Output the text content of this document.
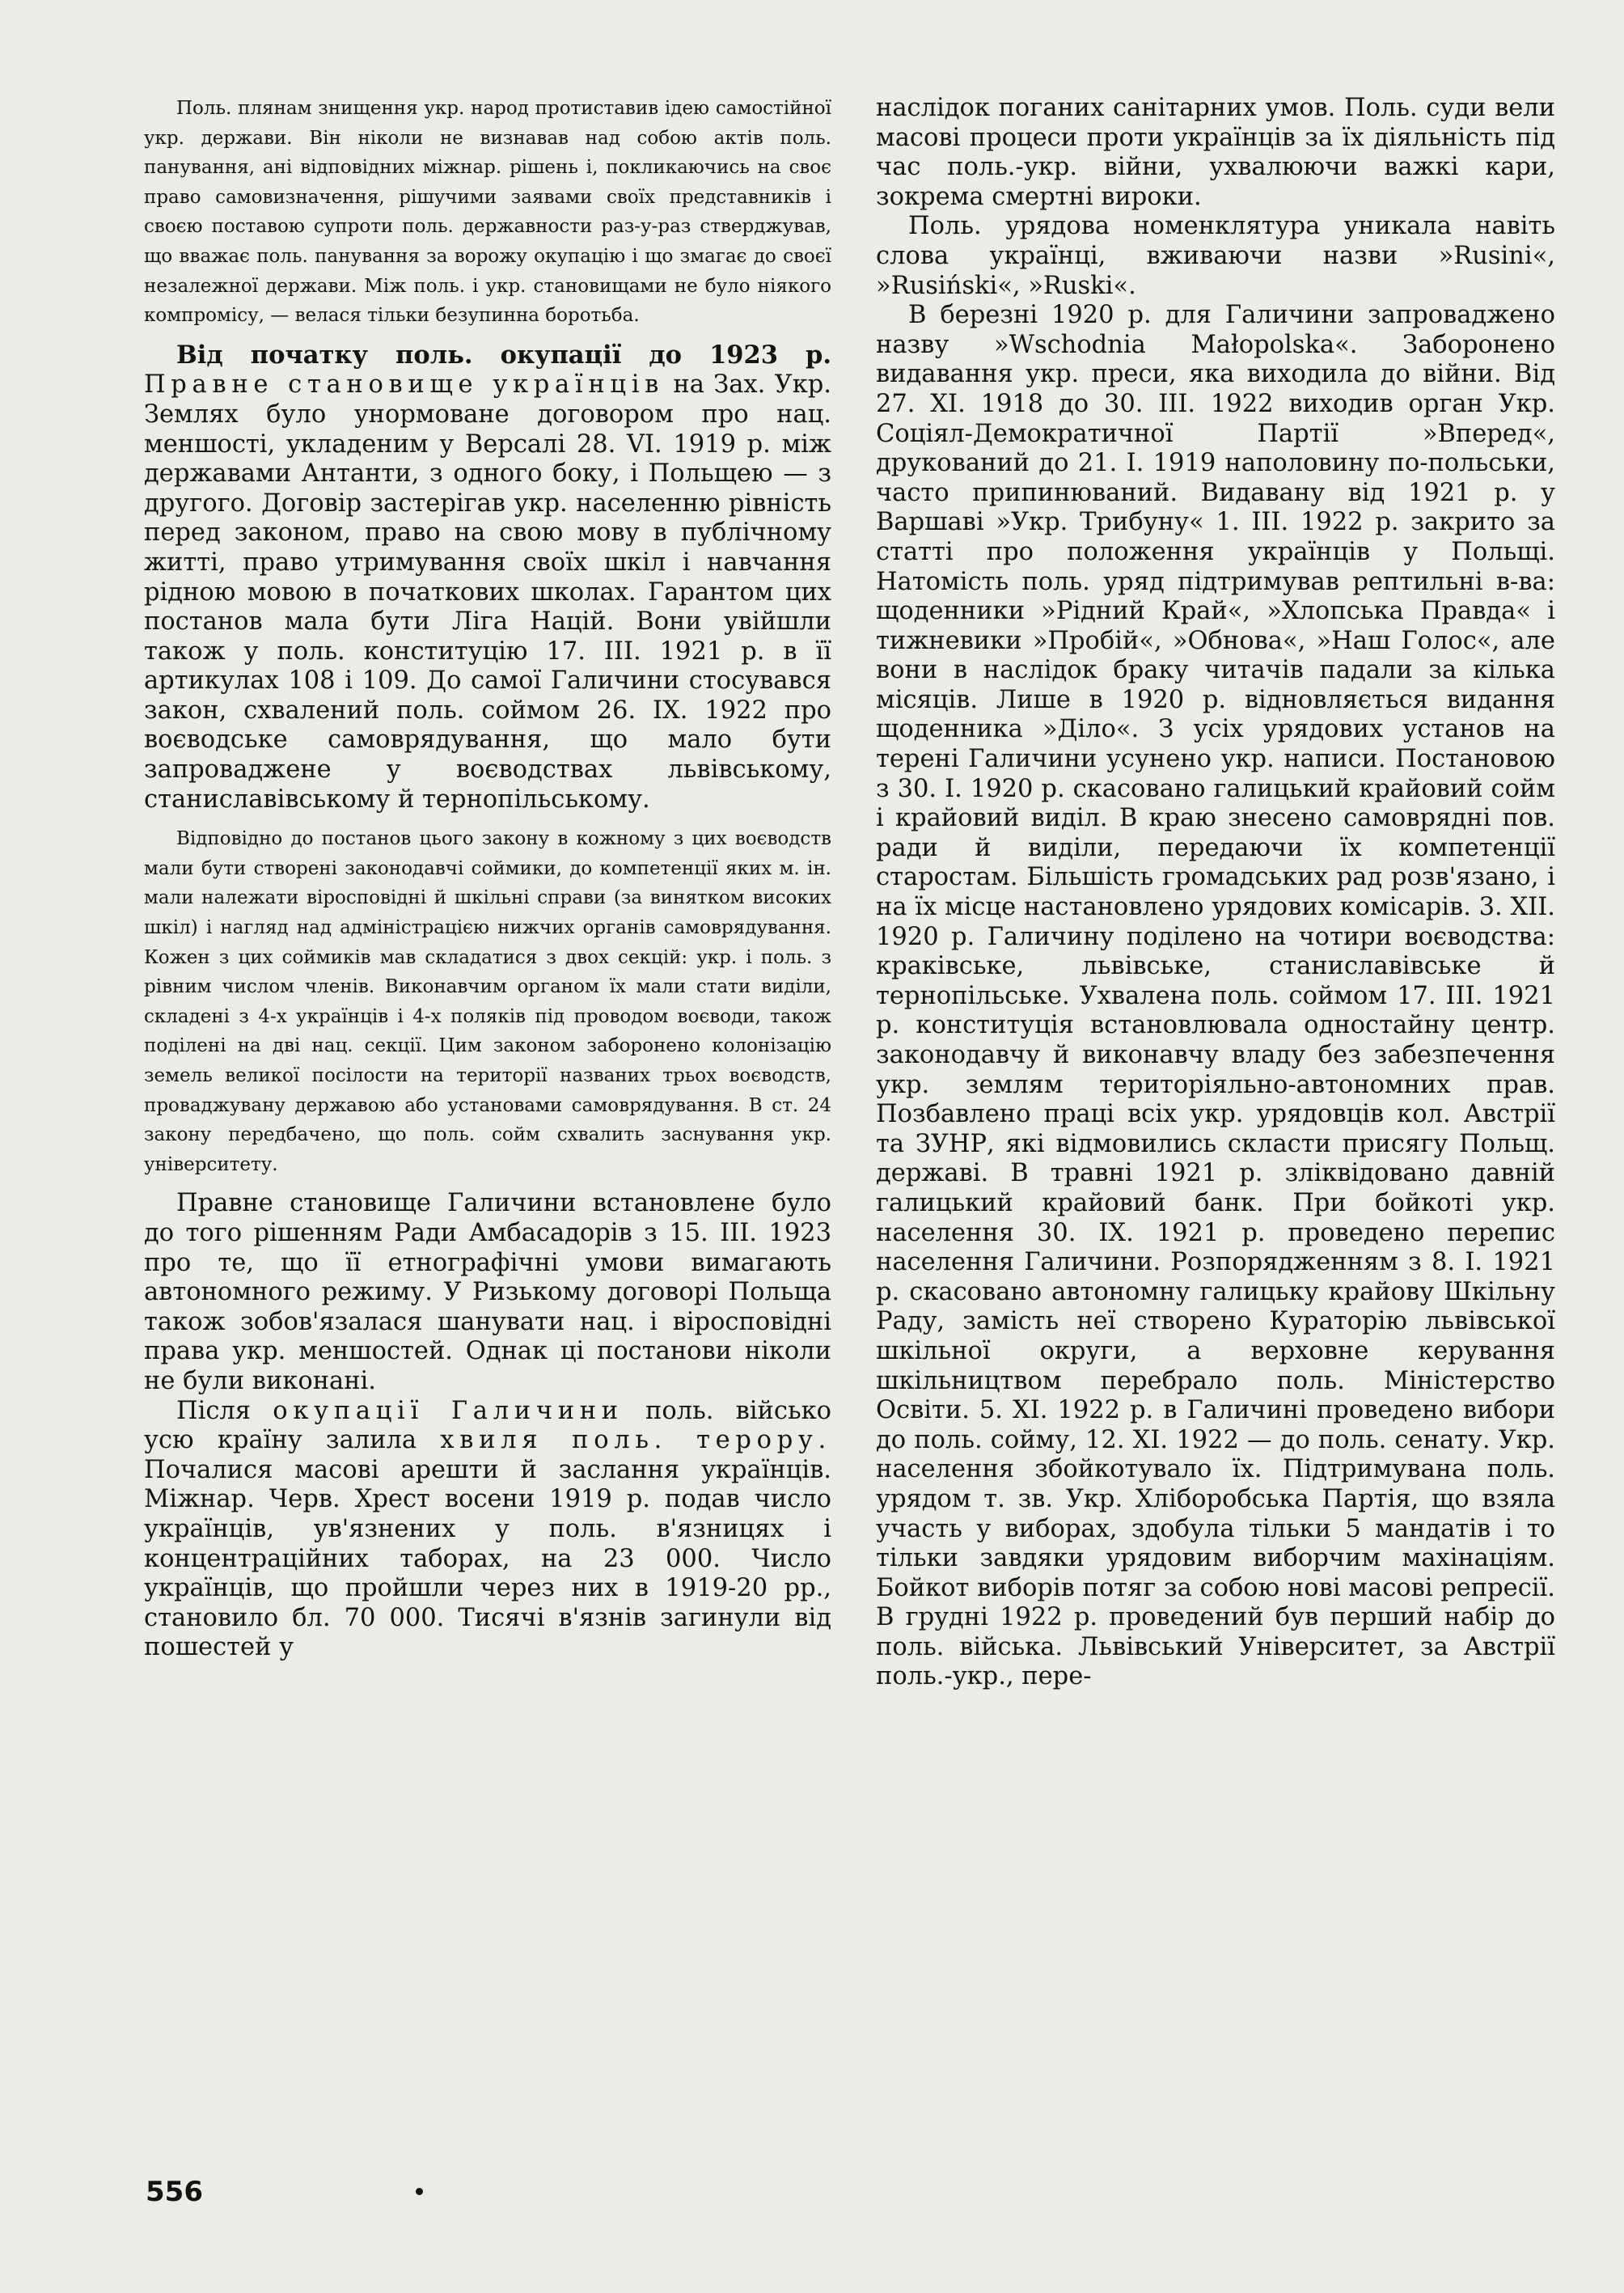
Поль. плянам знищення укр. народ протиставив ідею самостійної укр. держави. Він ніколи не визнавав над собою актів поль. панування, ані відповідних міжнар. рішень і, покликаючись на своє право самовизначення, рішучими заявами своїх представників і своєю поставою супроти поль. державности раз-у-раз стверджував, що вважає поль. панування за ворожу окупацію і що змагає до своєї незалежної держави. Між поль. і укр. становищами не було ніякого компромісу, — велася тільки безупинна боротьба.

Від початку поль. окупації до 1923 р. Правне становище українців на Зах. Укр. Землях було унормоване договором про нац. меншості, укладеним у Версалі 28. VI. 1919 р. між державами Антанти, з одного боку, і Польщею — з другого. Договір застерігав укр. населенню рівність перед законом, право на свою мову в публічному житті, право утримування своїх шкіл і навчання рідною мовою в початкових школах. Гарантом цих постанов мала бути Ліга Націй. Вони увійшли також у поль. конституцію 17. III. 1921 р. в її артикулах 108 і 109. До самої Галичини стосувався закон, схвалений поль. соймом 26. IX. 1922 про воєводське самоврядування, що мало бути запроваджене у воєводствах львівському, станиславівському й тернопільському.

Відповідно до постанов цього закону в кожному з цих воєводств мали бути створені законодавчі соймики, до компетенції яких м. ін. мали належати віросповідні й шкільні справи (за винятком високих шкіл) і нагляд над адміністрацією нижчих органів самоврядування. Кожен з цих соймиків мав складатися з двох секцій: укр. і поль. з рівним числом членів. Виконавчим органом їх мали стати виділи, складені з 4-х українців і 4-х поляків під проводом воєводи, також поділені на дві нац. секції. Цим законом заборонено колонізацію земель великої посілости на території названих трьох воєводств, проваджувану державою або установами самоврядування. В ст. 24 закону передбачено, що поль. сойм схвалить заснування укр. університету.

Правне становище Галичини встановлене було до того рішенням Ради Амбасадорів з 15. III. 1923 про те, що її етнографічні умови вимагають автономного режиму. У Ризькому договорі Польща також зобов'язалася шанувати нац. і віросповідні права укр. меншостей. Однак ці постанови ніколи не були виконані.

Після окупації Галичини поль. військо усю країну залила хвиля поль. терору. Почалися масові арешти й заслання українців. Міжнар. Черв. Хрест восени 1919 р. подав число українців, ув'язнених у поль. в'язницях і концентраційних таборах, на 23 000. Число українців, що пройшли через них в 1919-20 рр., становило бл. 70 000. Тисячі в'язнів загинули від пошестей у

наслідок поганих санітарних умов. Поль. суди вели масові процеси проти українців за їх діяльність під час поль.-укр. війни, ухвалюючи важкі кари, зокрема смертні вироки.

Поль. урядова номенклятура уникала навіть слова українці, вживаючи назви »Rusini«, »Rusiński«, »Ruski«.

В березні 1920 р. для Галичини запроваджено назву »Wschodnia Małopolska«. Заборонено видавання укр. преси, яка виходила до війни. Від 27. XI. 1918 до 30. III. 1922 виходив орган Укр. Соціял-Демократичної Партії »Вперед«, друкований до 21. I. 1919 наполовину по-польськи, часто припинюваний. Видавану від 1921 р. у Варшаві »Укр. Трибуну« 1. III. 1922 р. закрито за статті про положення українців у Польщі. Натомість поль. уряд підтримував рептильні в-ва: щоденники »Рідний Край«, »Хлопська Правда« і тижневики »Пробій«, »Обнова«, »Наш Голос«, але вони в наслідок браку читачів падали за кілька місяців. Лише в 1920 р. відновляється видання щоденника »Діло«. З усіх урядових установ на терені Галичини усунено укр. написи. Постановою з 30. I. 1920 р. скасовано галицький крайовий сойм і крайовий виділ. В краю знесено самоврядні пов. ради й виділи, передаючи їх компетенції старостам. Більшість громадських рад розв'язано, і на їх місце настановлено урядових комісарів. 3. XII. 1920 р. Галичину поділено на чотири воєводства: краківське, львівське, станиславівське й тернопільське. Ухвалена поль. соймом 17. III. 1921 р. конституція встановлювала одностайну центр. законодавчу й виконавчу владу без забезпечення укр. землям територіяльно-автономних прав. Позбавлено праці всіх укр. урядовців кол. Австрії та ЗУНР, які відмовились скласти присягу Польщ. державі. В травні 1921 р. зліквідовано давній галицький крайовий банк. При бойкоті укр. населення 30. IX. 1921 р. проведено перепис населення Галичини. Розпорядженням з 8. I. 1921 р. скасовано автономну галицьку крайову Шкільну Раду, замість неї створено Кураторію львівської шкільної округи, а верховне керування шкільництвом перебрало поль. Міністерство Освіти. 5. XI. 1922 р. в Галичині проведено вибори до поль. сойму, 12. XI. 1922 — до поль. сенату. Укр. населення збойкотувало їх. Підтримувана поль. урядом т. зв. Укр. Хліборобська Партія, що взяла участь у виборах, здобула тільки 5 мандатів і то тільки завдяки урядовим виборчим махінаціям. Бойкот виборів потяг за собою нові масові репресії. В грудні 1922 р. проведений був перший набір до поль. війська. Львівський Університет, за Австрії поль.-укр., пере-

556
